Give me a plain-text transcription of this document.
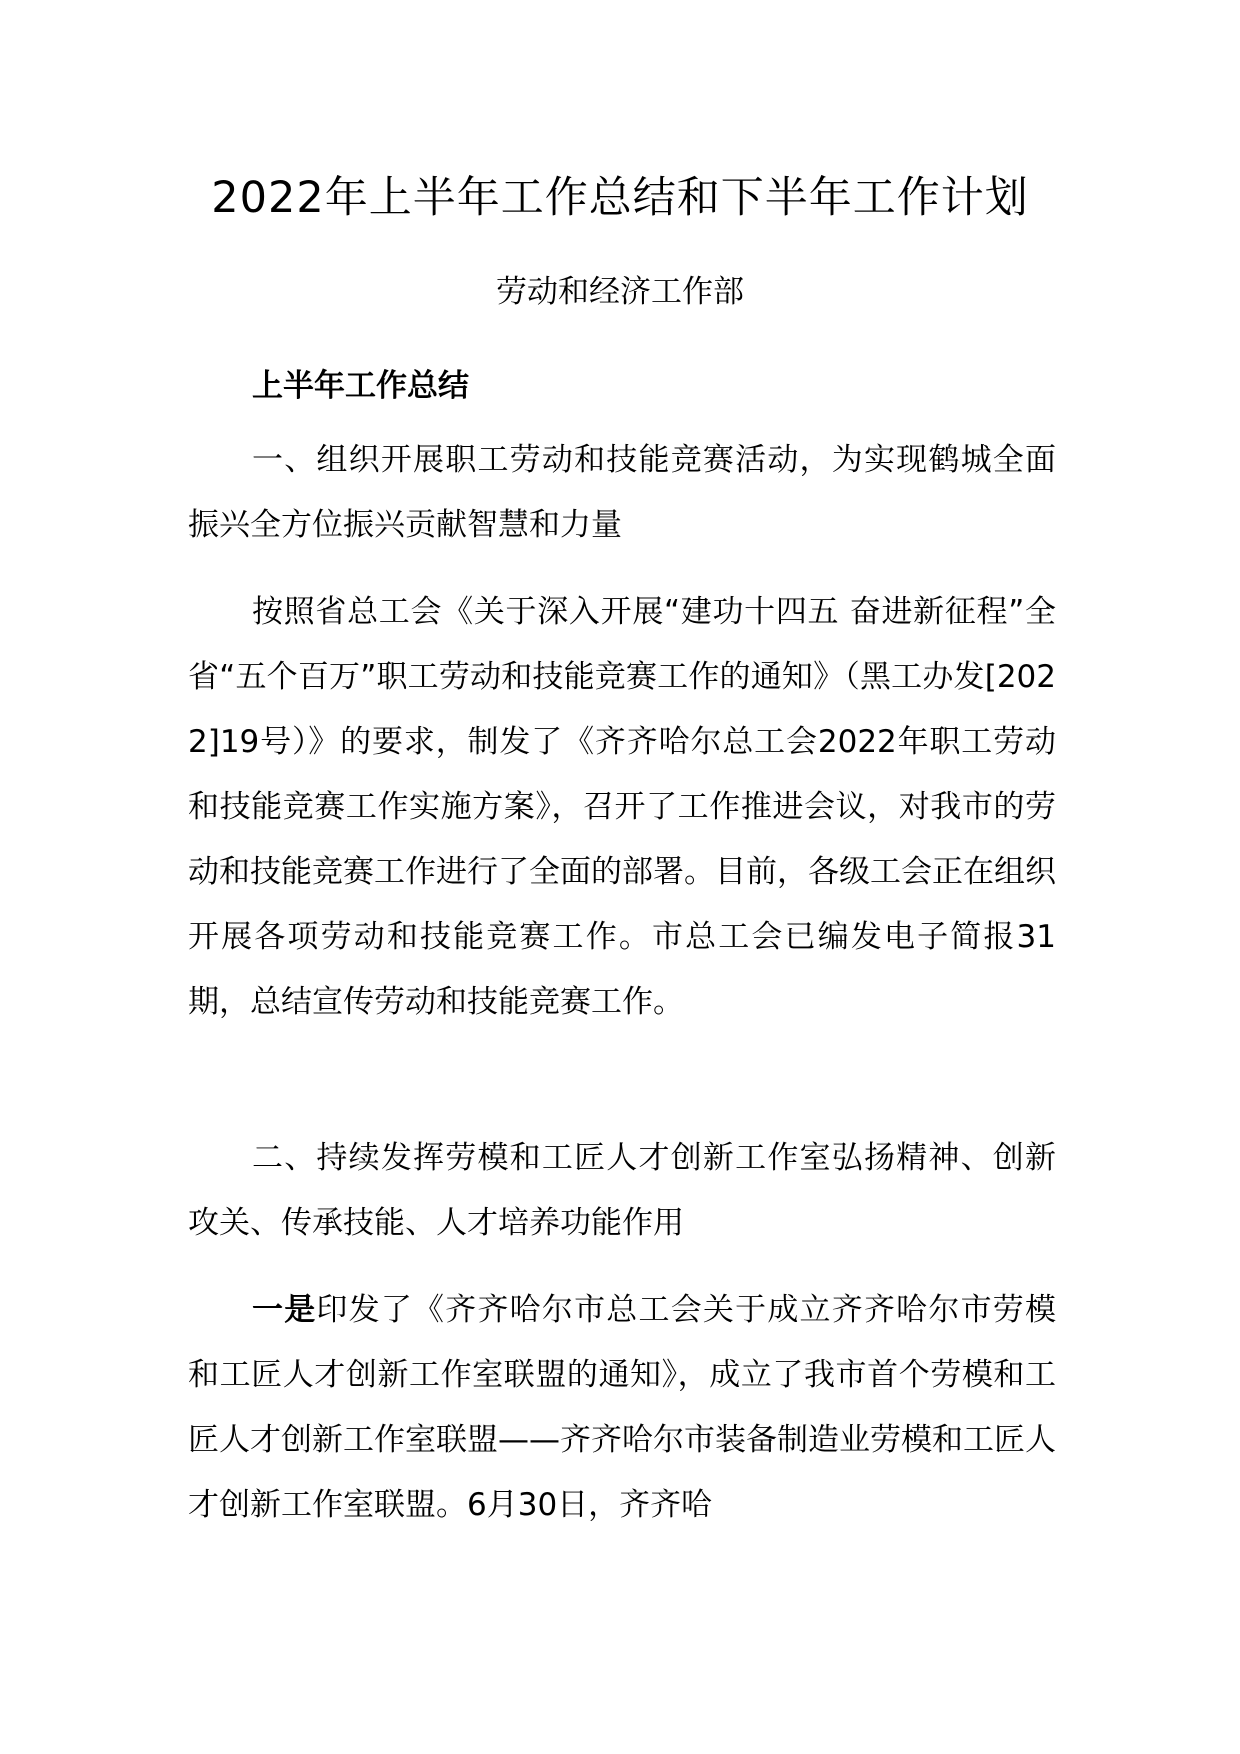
2022年上半年工作总结和下半年工作计划
劳动和经济工作部

上半年工作总结

一、组织开展职工劳动和技能竞赛活动，为实现鹤城全面振兴全方位振兴贡献智慧和力量

按照省总工会《关于深入开展“建功十四五 奋进新征程”全省“五个百万”职工劳动和技能竞赛工作的通知》（黑工办发[2022]19号）》的要求，制发了《齐齐哈尔总工会2022年职工劳动和技能竞赛工作实施方案》，召开了工作推进会议，对我市的劳动和技能竞赛工作进行了全面的部署。目前，各级工会正在组织开展各项劳动和技能竞赛工作。市总工会已编发电子简报31期，总结宣传劳动和技能竞赛工作。

二、持续发挥劳模和工匠人才创新工作室弘扬精神、创新攻关、传承技能、人才培养功能作用

一是印发了《齐齐哈尔市总工会关于成立齐齐哈尔市劳模和工匠人才创新工作室联盟的通知》，成立了我市首个劳模和工匠人才创新工作室联盟——齐齐哈尔市装备制造业劳模和工匠人才创新工作室联盟。6月30日，齐齐哈
